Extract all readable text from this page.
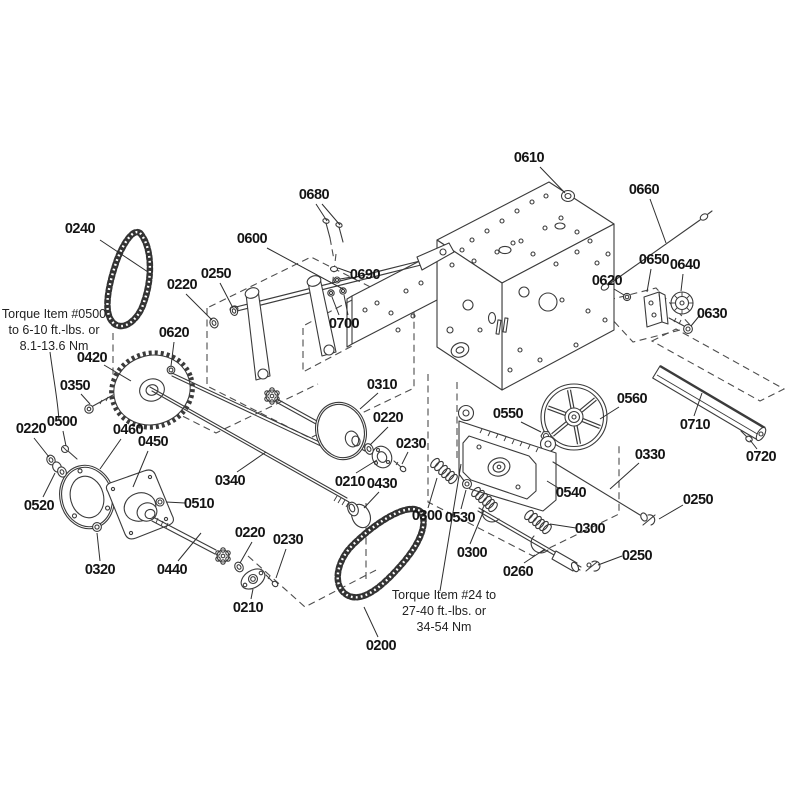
0240
0680
0600
0610
0660
0250
0220
0690
0700
0620
0650 0640
0620
0630
0420
0350	0310
0500
0220	0460
0450
0220
0230
0550
0560
0710
0720
0340	0210 0430
0520	0510
0330
0540
0300 0530
0250
0300
0300
0320	0440	0260
0250
0220 0230
0210
0200
Torque Item #0500
to 6-10 ft.-lbs. or
8.1-13.6 Nm
Torque Item #24 to
27-40 ft.-lbs. or
34-54 Nm
